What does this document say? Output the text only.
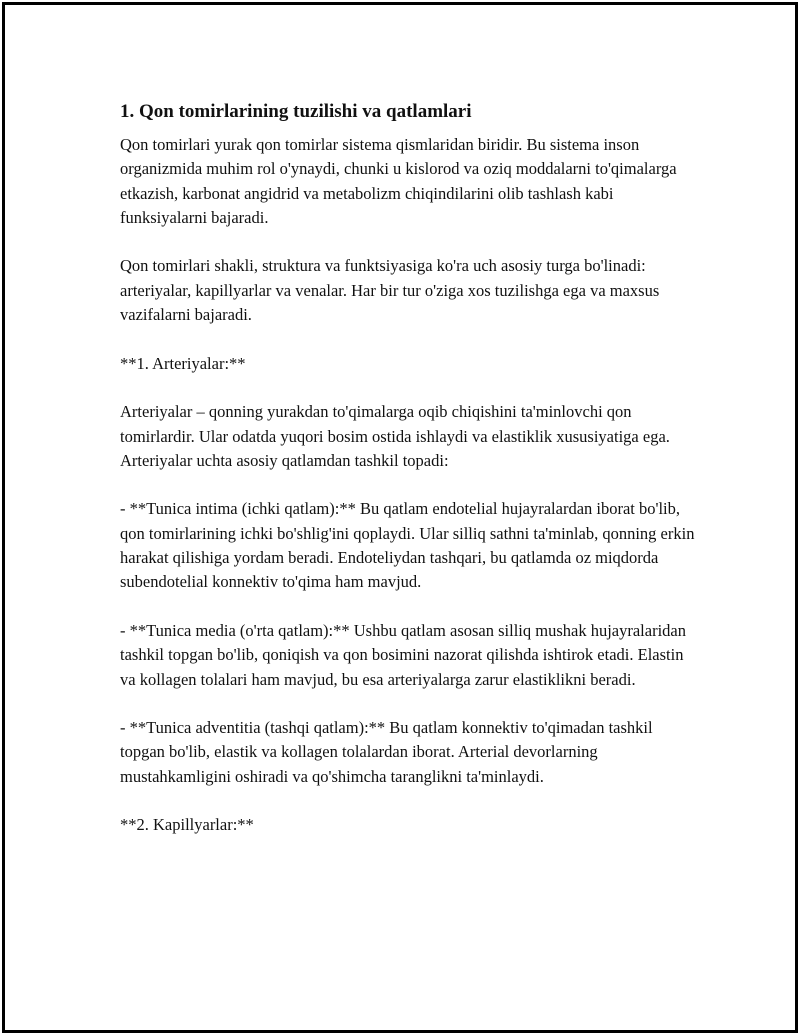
1. Qon tomirlarining tuzilishi va qatlamlari

Qon tomirlari yurak qon tomirlar sistema qismlaridan biridir. Bu sistema inson organizmida muhim rol o'ynaydi, chunki u kislorod va oziq moddalarni to'qimalarga etkazish, karbonat angidrid va metabolizm chiqindilarini olib tashlash kabi funksiyalarni bajaradi.

Qon tomirlari shakli, struktura va funktsiyasiga ko'ra uch asosiy turga bo'linadi: arteriyalar, kapillyarlar va venalar. Har bir tur o'ziga xos tuzilishga ega va maxsus vazifalarni bajaradi.

**1. Arteriyalar:**

Arteriyalar – qonning yurakdan to'qimalarga oqib chiqishini ta'minlovchi qon tomirlardir. Ular odatda yuqori bosim ostida ishlaydi va elastiklik xususiyatiga ega. Arteriyalar uchta asosiy qatlamdan tashkil topadi:

- **Tunica intima (ichki qatlam):** Bu qatlam endotelial hujayralardan iborat bo'lib, qon tomirlarining ichki bo'shlig'ini qoplaydi. Ular silliq sathni ta'minlab, qonning erkin harakat qilishiga yordam beradi. Endoteliydan tashqari, bu qatlamda oz miqdorda subendotelial konnektiv to'qima ham mavjud.

- **Tunica media (o'rta qatlam):** Ushbu qatlam asosan silliq mushak hujayralaridan tashkil topgan bo'lib, qoniqish va qon bosimini nazorat qilishda ishtirok etadi. Elastin va kollagen tolalari ham mavjud, bu esa arteriyalarga zarur elastiklikni beradi.

- **Tunica adventitia (tashqi qatlam):** Bu qatlam konnektiv to'qimadan tashkil topgan bo'lib, elastik va kollagen tolalardan iborat. Arterial devorlarning mustahkamligini oshiradi va qo'shimcha taranglikni ta'minlaydi.

**2. Kapillyarlar:**
